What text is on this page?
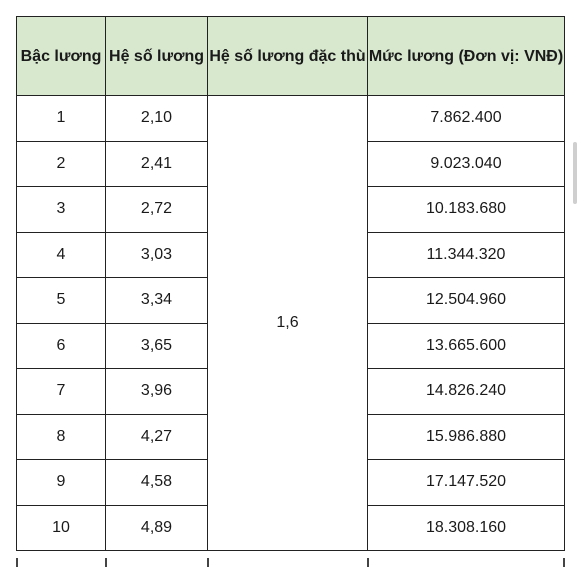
Bậc lương	Hệ số lương	Hệ số lương đặc thù	Mức lương (Đơn vị: VNĐ)
1	2,10	1,6	7.862.400
2	2,41		9.023.040
3	2,72		10.183.680
4	3,03		11.344.320
5	3,34		12.504.960
6	3,65		13.665.600
7	3,96		14.826.240
8	4,27		15.986.880
9	4,58		17.147.520
10	4,89		18.308.160
